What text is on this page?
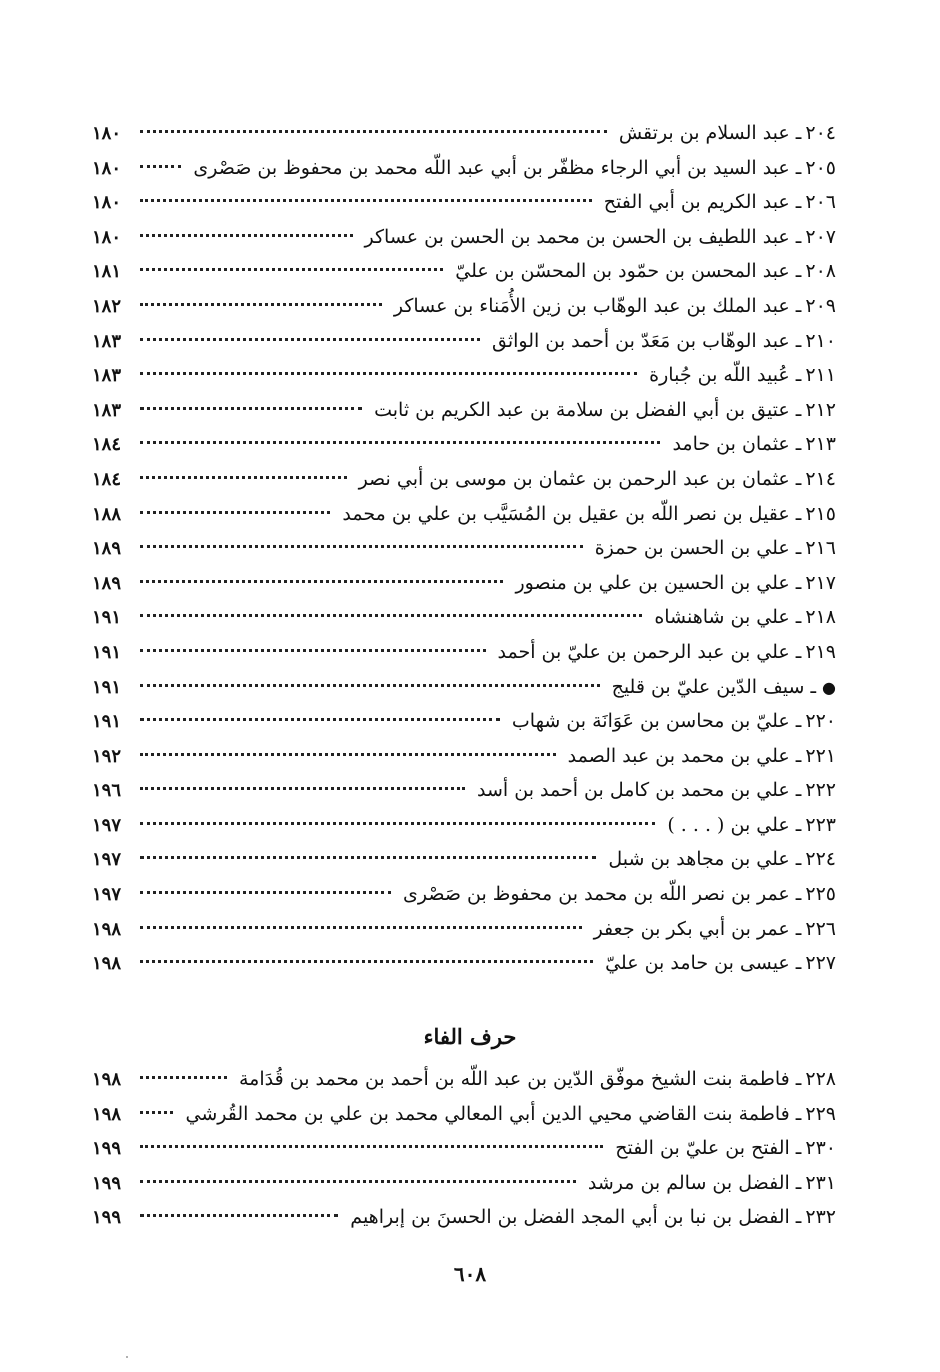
٢٠٤ـ عبد السلام بن برتقش
١٨٠
٢٠٥ـ عبد السيد بن أبي الرجاء مظفّر بن أبي عبد اللّه محمد بن محفوظ بن صَصْرى
١٨٠
٢٠٦ـ عبد الكريم بن أبي الفتح
١٨٠
٢٠٧ـ عبد اللطيف بن الحسن بن محمد بن الحسن بن عساكر
١٨٠
٢٠٨ـ عبد المحسن بن حمّود بن المحسّن بن عليّ
١٨١
٢٠٩ـ عبد الملك بن عبد الوهّاب بن زين الأُمَناء بن عساكر
١٨٢
٢١٠ـ عبد الوهّاب بن مَعَدّ بن أحمد بن الواثق
١٨٣
٢١١ـ عُبيد اللّه بن جُبارة
١٨٣
٢١٢ـ عتيق بن أبي الفضل بن سلامة بن عبد الكريم بن ثابت
١٨٣
٢١٣ـ عثمان بن حامد
١٨٤
٢١٤ـ عثمان بن عبد الرحمن بن عثمان بن موسى بن أبي نصر
١٨٤
٢١٥ـ عقيل بن نصر اللّه بن عقيل بن المُسَيَّب بن علي بن محمد
١٨٨
٢١٦ـ علي بن الحسن بن حمزة
١٨٩
٢١٧ـ علي بن الحسين بن علي بن منصور
١٨٩
٢١٨ـ علي بن شاهنشاه
١٩١
٢١٩ـ علي بن عبد الرحمن بن عليّ بن أحمد
١٩١
●ـ سيف الدّين عليّ بن قليج
١٩١
٢٢٠ـ عليّ بن محاسن بن عَوَانَة بن شهاب
١٩١
٢٢١ـ علي بن محمد بن عبد الصمد
١٩٢
٢٢٢ـ علي بن محمد بن كامل بن أحمد بن أسد
١٩٦
٢٢٣ـ علي بن ( . . . )
١٩٧
٢٢٤ـ علي بن مجاهد بن شبل
١٩٧
٢٢٥ـ عمر بن نصر اللّه بن محمد بن محفوظ بن صَصْرى
١٩٧
٢٢٦ـ عمر بن أبي بكر بن جعفر
١٩٨
٢٢٧ـ عيسى بن حامد بن عليّ
١٩٨
حرف الفاء
٢٢٨ـ فاطمة بنت الشيخ موفّق الدّين بن عبد اللّه بن أحمد بن محمد بن قُدَامة
١٩٨
٢٢٩ـ فاطمة بنت القاضي محيي الدين أبي المعالي محمد بن علي بن محمد القُرشي
١٩٨
٢٣٠ـ الفتح بن عليّ بن الفتح
١٩٩
٢٣١ـ الفضل بن سالم بن مرشد
١٩٩
٢٣٢ـ الفضل بن نبا بن أبي المجد الفضل بن الحسنَ بن إبراهيم
١٩٩
٦٠٨
